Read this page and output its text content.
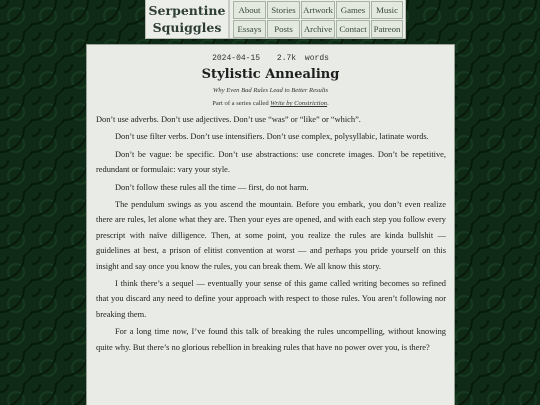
Serpentine
Squiggles
About	Stories Artwork Games	Music
Essays	Posts	Archive Contact Patreon
2024-04-15 2.7k words
Stylistic Annealing
Why Even Bad Rules Lead to Better Results
Part of a series called Write by Constriction.

Don’t use adverbs. Don’t use adjectives. Don’t use “was” or “like” or “which”.

Don’t use filter verbs. Don’t use intensifiers. Don’t use complex, polysyllabic, latinate words.

Don’t be vague: be specific. Don’t use abstractions: use concrete images. Don’t be repetitive, redundant or formulaic: vary your style.

Don’t follow these rules all the time — first, do not harm.

The pendulum swings as you ascend the mountain. Before you embark, you don’t even realize there are rules, let alone what they are. Then your eyes are opened, and with each step you follow every prescript with naïve dilligence. Then, at some point, you realize the rules are kinda bullshit — guidelines at best, a prison of elitist convention at worst — and perhaps you pride yourself on this insight and say once you know the rules, you can break them. We all know this story.

I think there’s a sequel — eventually your sense of this game called writing becomes so refined that you discard any need to define your approach with respect to those rules. You aren’t following nor breaking them.

For a long time now, I’ve found this talk of breaking the rules uncompelling, without knowing quite why. But there’s no glorious rebellion in breaking rules that have no power over you, is there?
